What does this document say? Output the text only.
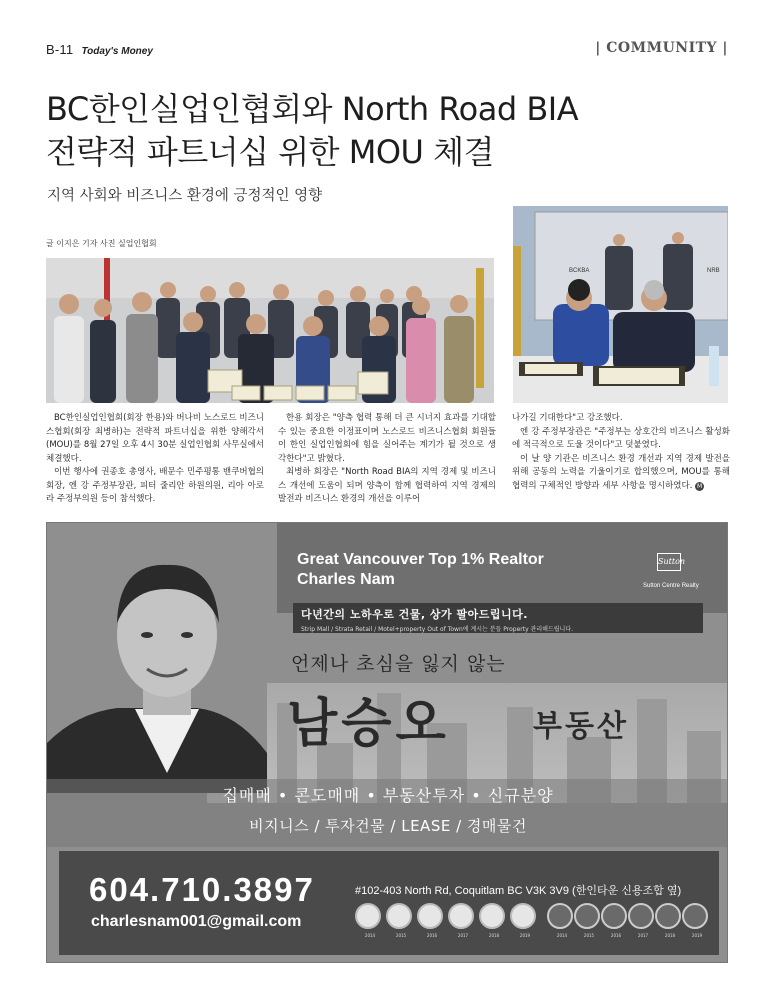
B-11 Today's Money	| COMMUNITY |
BC한인실업인협회와 North Road BIA
전략적 파트너십 위한 MOU 체결
지역 사회와 비즈니스 환경에 긍정적인 영향
글 이지은 기자 사진 실업인협회
BCKBA	NRB

BC한인실업인협회(회장 한용)와 버나비 노스로드 비즈니스협회(회장 최병하)는 전략적 파트너십을 위한 양해각서(MOU)를 8월 27일 오후 4시 30분 실업인협회 사무실에서 체결했다.

이번 행사에 권종호 총영사, 배문수 민주평통 밴쿠버협의회장, 엔 강 주정부장관, 피터 줄리안 하원의원, 리아 아로라 주정부의원 등이 참석했다.

한용 회장은 "양측 협력 통해 더 큰 시너지 효과를 기대할 수 있는 중요한 이정표이며 노스로드 비즈니스협회 회원들이 한인 실업인협회에 힘을 실어주는 계기가 될 것으로 생각한다"고 밝혔다.

최병하 회장은 "North Road BIA의 지역 경제 및 비즈니스 개선에 도움이 되며 양측이 함께 협력하여 지역 경제의 발전과 비즈니스 환경의 개선을 이루어

나가길 기대한다"고 강조했다.

엔 강 주정부장관은 "주정부는 상호간의 비즈니스 활성화에 적극적으로 도울 것이다"고 덧붙였다.

이 날 양 기관은 비즈니스 환경 개선과 지역 경제 발전을 위해 공동의 노력을 기울이기로 합의했으며, MOU를 통해 협력의 구체적인 방향과 세부 사항을 명시하였다. M

Great Vancouver Top 1% Realtor
Charles Nam
Sutton
Sutton Centre Realty
다년간의 노하우로 건물, 상가 팔아드립니다.
Strip Mall / Strata Retail / Motel+property Out of Town에 계시는 분들 Property 관리해드립니다.
언제나 초심을 잃지 않는
남승오	부동산
집매매 • 콘도매매 • 부동산투자 • 신규분양
비지니스 / 투자건물 / LEASE / 경매물건
604.710.3897
charlesnam001@gmail.com
#102-403 North Rd, Coquitlam BC V3K 3V9 (한인타운 신용조합 옆)
2014	2015	2016	2017	2018	2019	2014	2015	2016	2017	2018	2019
